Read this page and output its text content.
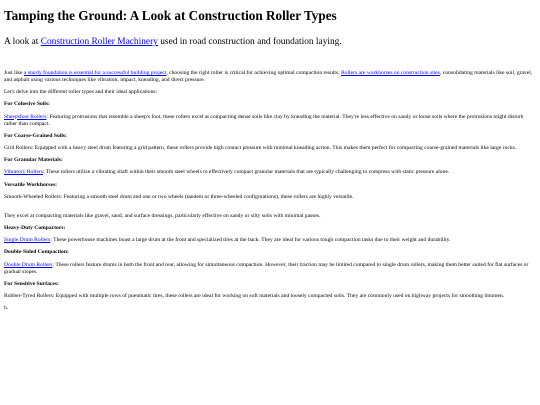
Tamping the Ground: A Look at Construction Roller Types
A look at Construction Roller Machinery used in road construction and foundation laying.

Just like a sturdy foundation is essential for a successful building project, choosing the right roller is critical for achieving optimal compaction results. Rollers are workhorses on construction sites, consolidating materials like soil, gravel, and asphalt using various techniques like vibration, impact, kneading, and direct pressure.

Let's delve into the different roller types and their ideal applications:

For Cohesive Soils:

Sheepsfoot Rollers: Featuring protrusions that resemble a sheep's foot, these rollers excel at compacting dense soils like clay by kneading the material. They're less effective on sandy or loose soils where the protrusions might disturb rather than compact.

For Coarse-Grained Soils:

Grid Rollers: Equipped with a heavy steel drum featuring a grid pattern, these rollers provide high contact pressure with minimal kneading action. This makes them perfect for compacting coarse-grained materials like large rocks.

For Granular Materials:

Vibratory Rollers: These rollers utilize a vibrating shaft within their smooth steel wheels to effectively compact granular materials that are typically challenging to compress with static pressure alone.

Versatile Workhorses:

Smooth-Wheeled Rollers: Featuring a smooth steel drum and one or two wheels (tandem or three-wheeled configurations), these rollers are highly versatile.

They excel at compacting materials like gravel, sand, and surface dressings, particularly effective on sandy or silty soils with minimal passes.

Heavy-Duty Compactors:

Single Drum Rollers: These powerhouse machines boast a large drum at the front and specialized tires at the back. They are ideal for various tough compaction tasks due to their weight and durability.

Double-Sided Compaction:

Double Drum Rollers: These rollers feature drums in both the front and rear, allowing for simultaneous compaction. However, their traction may be limited compared to single drum rollers, making them better suited for flat surfaces or gradual slopes.

For Sensitive Surfaces:

Rubber-Tyred Rollers: Equipped with multiple rows of pneumatic tires, these rollers are ideal for working on soft materials and loosely compacted soils. They are commonly used on highway projects for smoothing bitumen.

h.
